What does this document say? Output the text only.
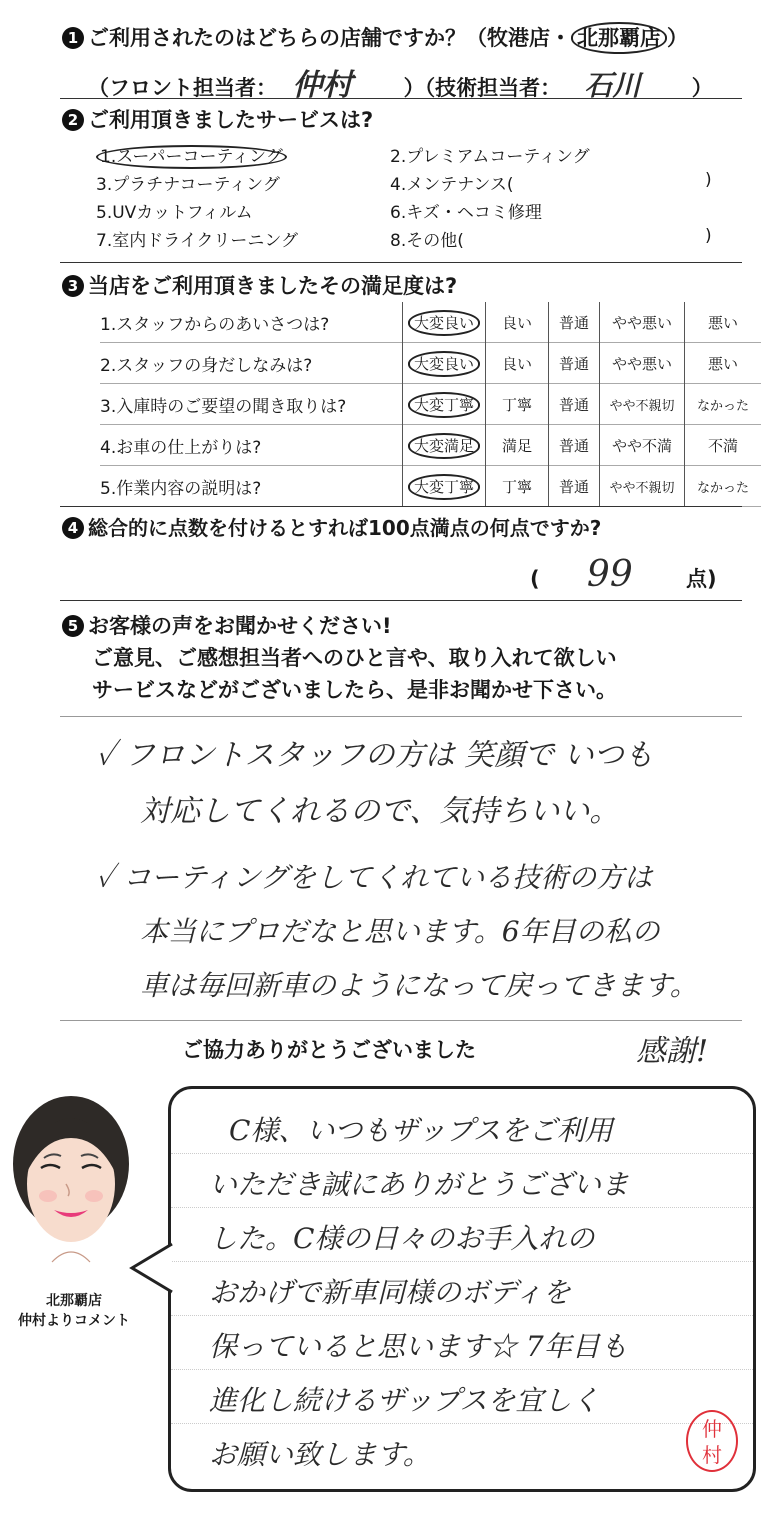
1 ご利用されたのはどちらの店舗ですか？（牧港店・ 北那覇店 ）
（フロント担当者： 仲村 ）（技術担当者： 石川 ）
2 ご利用頂きましたサービスは?
1.スーパーコーティング	2.プレミアムコーティング
3.プラチナコーティング	4.メンテナンス(	)
5.UVカットフィルム	6.キズ・ヘコミ修理
7.室内ドライクリーニング	8.その他(	)
3 当店をご利用頂きましたその満足度は?
1.スタッフからのあいさつは?	大変良い	良い	普通	やや悪い	悪い
2.スタッフの身だしなみは?	大変良い	良い	普通	やや悪い	悪い
3.入庫時のご要望の聞き取りは?	大変丁寧	丁寧	普通	やや不親切	なかった
4.お車の仕上がりは?	大変満足	満足	普通	やや不満	不満
5.作業内容の説明は?	大変丁寧	丁寧	普通	やや不親切	なかった
4 総合的に点数を付けるとすれば100点満点の何点ですか?
( 99	点)
5 お客様の声をお聞かせください!
ご意見、ご感想担当者へのひと言や、取り入れて欲しい
サービスなどがございましたら、是非お聞かせ下さい。
✓ フロントスタッフの方は 笑顔で いつも
対応してくれるので、気持ちいい。
✓ コーティングをしてくれている技術の方は
本当にプロだなと思います。6年目の私の
車は毎回新車のようになって戻ってきます。
ご協力ありがとうございました	感謝!
北那覇店
仲村よりコメント
C様、いつもザップスをご利用
いただき誠にありがとうございま
した。C様の日々のお手入れの
おかげで新車同様のボディを
保っていると思います☆ 7年目も
進化し続けるザップスを宜しく
お願い致します。
仲
村
